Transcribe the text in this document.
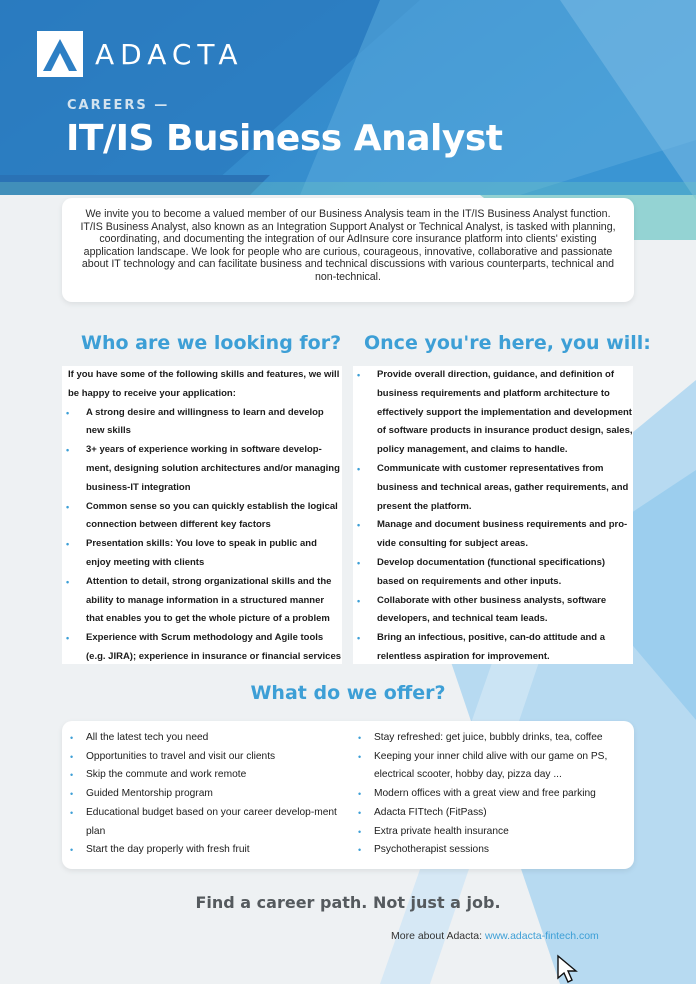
ADACTA
CAREERS —
IT/IS Business Analyst

We invite you to become a valued member of our Business Analysis team in the IT/IS Business Analyst function. IT/IS Business Analyst, also known as an Integration Support Analyst or Technical Analyst, is tasked with planning, coordinating, and documenting the integration of our AdInsure core insurance platform into clients' existing application landscape. We look for people who are curious, courageous, innovative, collaborative and passionate about IT technology and can facilitate business and technical discussions with various counterparts, technical and non-technical.

Who are we looking for? Once you're here, you will:
If you have some of the following skills and features, we will be happy to receive your application:
• A strong desire and willingness to learn and develop new skills
• 3+ years of experience working in software develop-ment, designing solution architectures and/or managing business-IT integration
• Common sense so you can quickly establish the logical connection between different key factors
• Presentation skills: You love to speak in public and enjoy meeting with clients
• Attention to detail, strong organizational skills and the ability to manage information in a structured manner that enables you to get the whole picture of a problem
• Experience with Scrum methodology and Agile tools (e.g. JIRA); experience in insurance or financial services
• Provide overall direction, guidance, and definition of business requirements and platform architecture to effectively support the implementation and development of software products in insurance product design, sales, policy management, and claims to handle.
• Communicate with customer representatives from business and technical areas, gather requirements, and present the platform.
• Manage and document business requirements and pro-vide consulting for subject areas.
• Develop documentation (functional specifications) based on requirements and other inputs.
• Collaborate with other business analysts, software developers, and technical team leads.
• Bring an infectious, positive, can-do attitude and a relentless aspiration for improvement.
What do we offer?
• All the latest tech you need
• Opportunities to travel and visit our clients
• Skip the commute and work remote
• Guided Mentorship program
• Educational budget based on your career develop-ment plan
• Start the day properly with fresh fruit
• Stay refreshed: get juice, bubbly drinks, tea, coffee
• Keeping your inner child alive with our game on PS, electrical scooter, hobby day, pizza day ...
• Modern offices with a great view and free parking
• Adacta FITtech (FitPass)
• Extra private health insurance
• Psychotherapist sessions
Find a career path. Not just a job.
More about Adacta: www.adacta-fintech.com
